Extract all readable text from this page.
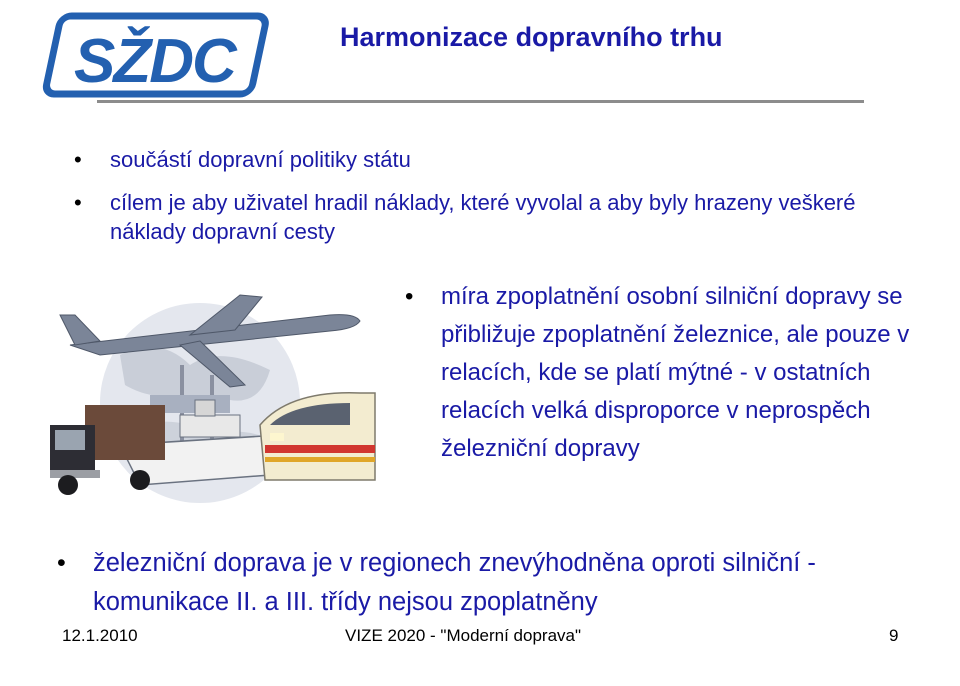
SŽDC	Harmonizace dopravního trhu
• součástí dopravní politiky státu
• cílem je aby uživatel hradil náklady, které vyvolal a aby byly hrazeny veškeré náklady dopravní cesty
• míra zpoplatnění osobní silniční dopravy se přibližuje zpoplatnění železnice, ale pouze v relacích, kde se platí mýtné - v ostatních relacích velká disproporce v neprospěch železniční dopravy
• železniční doprava je v regionech znevýhodněna oproti silniční - komunikace II. a III. třídy nejsou zpoplatněny
12.1.2010	VIZE 2020 - "Moderní doprava"	9
